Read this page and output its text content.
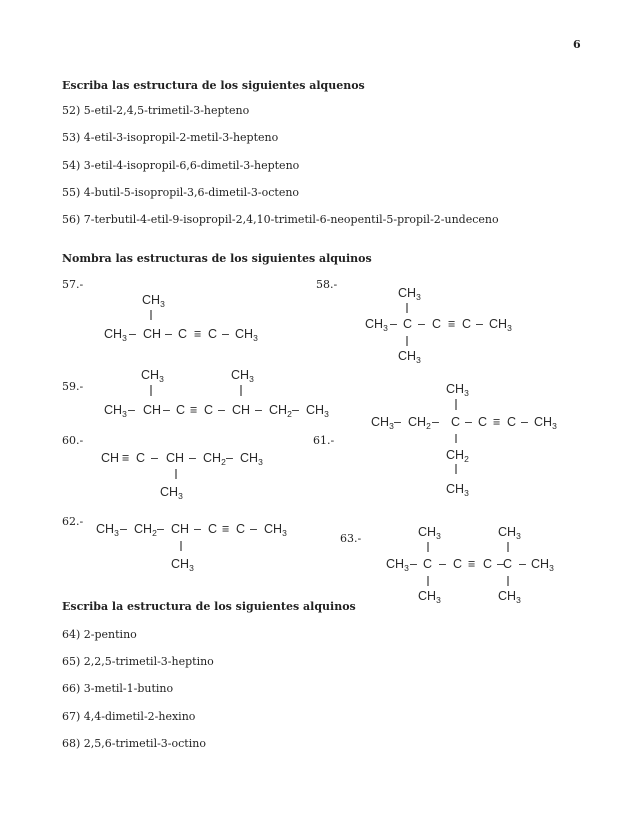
6
Escriba las estructura de los siguientes alquenos
52) 5-etil-2,4,5-trimetil-3-hepteno
53) 4-etil-3-isopropil-2-metil-3-hepteno
54) 3-etil-4-isopropil-6,6-dimetil-3-hepteno
55) 4-butil-5-isopropil-3,6-dimetil-3-octeno
56) 7-terbutil-4-etil-9-isopropil-2,4,10-trimetil-6-neopentil-5-propil-2-undeceno
Nombra las estructuras de los siguientes alquinos
57.-	58.-
59.-
60.-	61.-
62.-
63.-
$CH_3$
$CH_3$ – CH – $C \equiv C - CH_3$
$CH_3$
$CH_3 - C - C \equiv C - CH_3$
$CH_3$
$CH_3$	$CH_3$
$CH_3$ – CH – C ≡ C – CH – $CH_2 - CH_3$
$CH_3$
$CH_3 - CH_2 - C - C \equiv C - CH_3$
$CH_2$
$CH_3$
CH ≡ C – CH – $CH_2 - CH_3$
$CH_3$
$CH_3 - CH_2$ – CH – $C \equiv C - CH_3$
$CH_3$
$CH_3$	$CH_3$
$CH_3 - C - C \equiv C - C - CH_3$
$CH_3$	$CH_3$
Escriba la estructura de los siguientes alquinos
64) 2-pentino
65) 2,2,5-trimetil-3-heptino
66) 3-metil-1-butino
67) 4,4-dimetil-2-hexino
68) 2,5,6-trimetil-3-octino
